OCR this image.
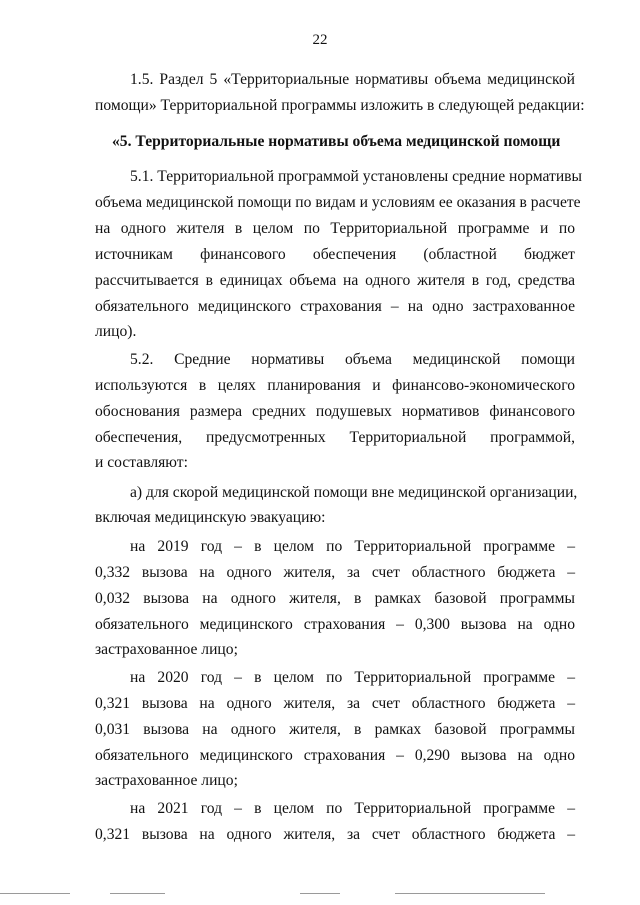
22
1.5. Раздел 5 «Территориальные нормативы объема медицинской
помощи» Территориальной программы изложить в следующей редакции:
«5. Территориальные нормативы объема медицинской помощи
5.1. Территориальной программой установлены средние нормативы
объема медицинской помощи по видам и условиям ее оказания в расчете
на одного жителя в целом по Территориальной программе и по
источникам финансового обеспечения (областной бюджет
рассчитывается в единицах объема на одного жителя в год, средства
обязательного медицинского страхования – на одно застрахованное
лицо).
5.2. Средние нормативы объема медицинской помощи
используются в целях планирования и финансово-экономического
обоснования размера средних подушевых нормативов финансового
обеспечения, предусмотренных Территориальной программой,
и составляют:
а) для скорой медицинской помощи вне медицинской организации,
включая медицинскую эвакуацию:
на 2019 год – в целом по Территориальной программе –
0,332 вызова на одного жителя, за счет областного бюджета –
0,032 вызова на одного жителя, в рамках базовой программы
обязательного медицинского страхования – 0,300 вызова на одно
застрахованное лицо;
на 2020 год – в целом по Территориальной программе –
0,321 вызова на одного жителя, за счет областного бюджета –
0,031 вызова на одного жителя, в рамках базовой программы
обязательного медицинского страхования – 0,290 вызова на одно
застрахованное лицо;
на 2021 год – в целом по Территориальной программе –
0,321 вызова на одного жителя, за счет областного бюджета –
